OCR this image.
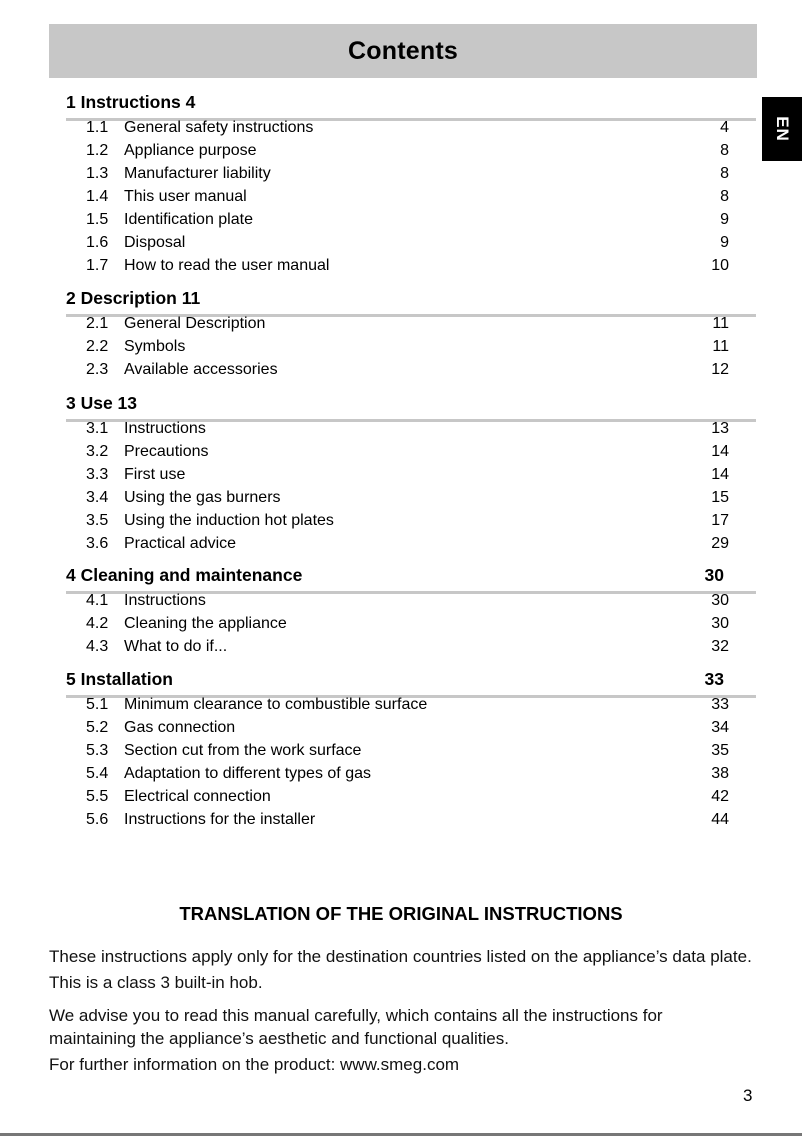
Contents
EN
1 Instructions 4
1.1 General safety instructions	4
1.2 Appliance purpose	8
1.3 Manufacturer liability	8
1.4 This user manual	8
1.5 Identification plate	9
1.6 Disposal	9
1.7 How to read the user manual	10
2 Description 11
2.1 General Description	11
2.2 Symbols	11
2.3 Available accessories	12
3 Use 13
3.1 Instructions	13
3.2 Precautions	14
3.3 First use	14
3.4 Using the gas burners	15
3.5 Using the induction hot plates	17
3.6 Practical advice	29
4 Cleaning and maintenance	30
4.1 Instructions	30
4.2 Cleaning the appliance	30
4.3 What to do if...	32
5 Installation	33
5.1 Minimum clearance to combustible surface	33
5.2 Gas connection	34
5.3 Section cut from the work surface	35
5.4 Adaptation to different types of gas	38
5.5 Electrical connection	42
5.6 Instructions for the installer	44
TRANSLATION OF THE ORIGINAL INSTRUCTIONS
These instructions apply only for the destination countries listed on the appliance’s data plate.
This is a class 3 built-in hob.
We advise you to read this manual carefully, which contains all the instructions for
maintaining the appliance’s aesthetic and functional qualities.
For further information on the product: www.smeg.com
3
